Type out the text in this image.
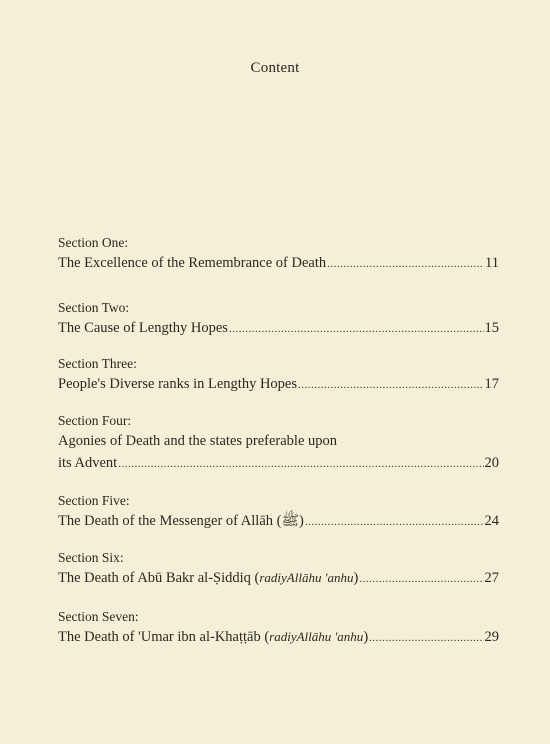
Content
Section One:
The Excellence of the Remembrance of Death .....	11
Section Two:
The Cause of Lengthy Hopes .....	15
Section Three:
People's Diverse ranks in Lengthy Hopes .....	17
Section Four:
Agonies of Death and the states preferable upon
its Advent .....	20
Section Five:
The Death of the Messenger of Allāh (ﷺ) .....	24
Section Six:
The Death of Abū Bakr al-Ṣiddiq (radiyAllāhu 'anhu) .....	27
Section Seven:
The Death of 'Umar ibn al-Khaṭṭāb (radiyAllāhu 'anhu) .....	29
